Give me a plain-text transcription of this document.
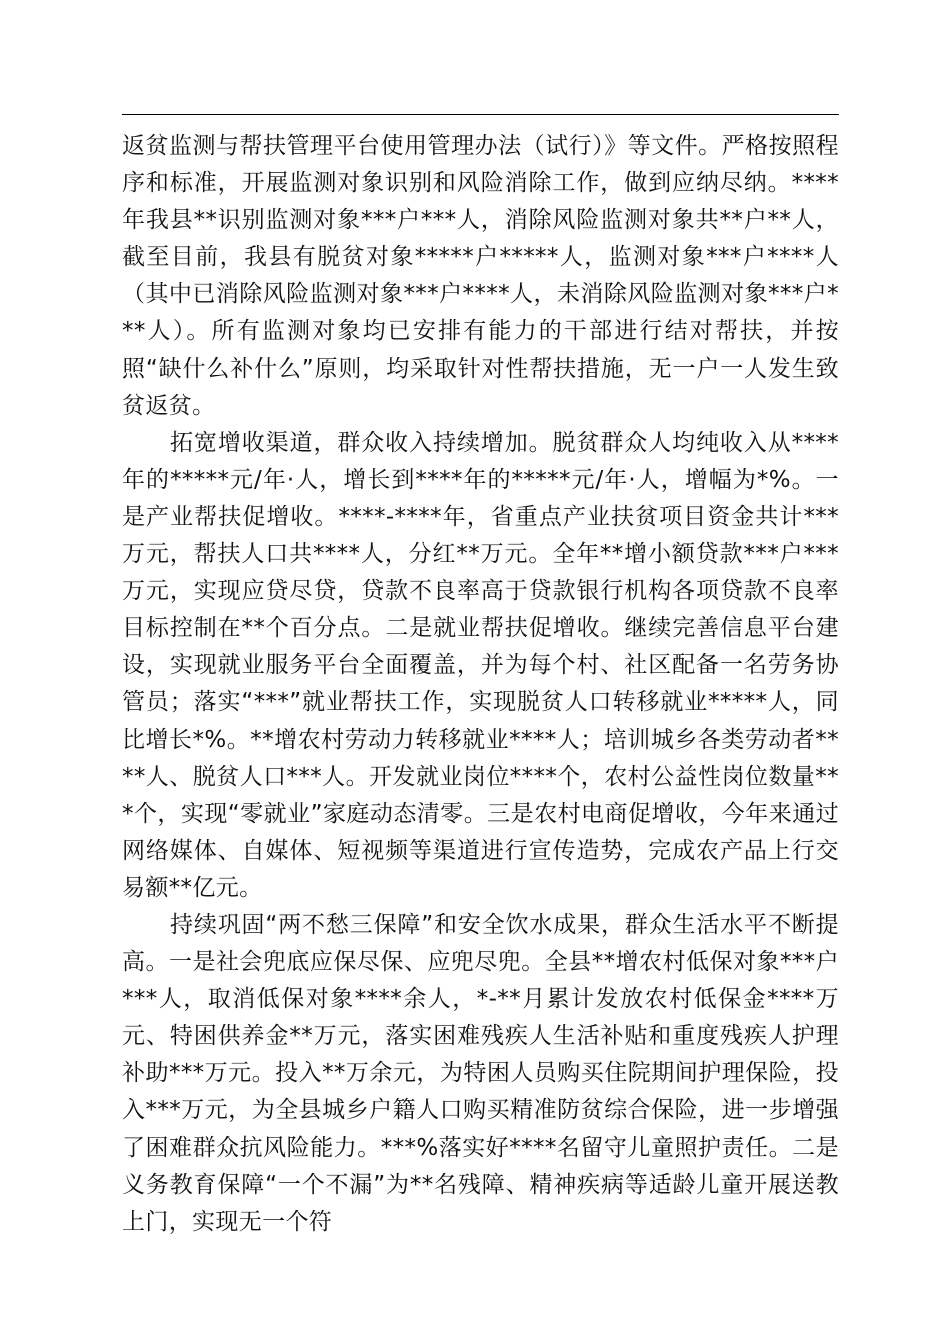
返贫监测与帮扶管理平台使用管理办法（试行）》等文件。严格按照程序和标准，开展监测对象识别和风险消除工作，做到应纳尽纳。****年我县**识别监测对象***户***人，消除风险监测对象共**户**人，截至目前，我县有脱贫对象*****户*****人，监测对象***户****人（其中已消除风险监测对象***户****人，未消除风险监测对象***户***人）。所有监测对象均已安排有能力的干部进行结对帮扶，并按照“缺什么补什么”原则，均采取针对性帮扶措施，无一户一人发生致贫返贫。

拓宽增收渠道，群众收入持续增加。脱贫群众人均纯收入从****年的*****元/年·人，增长到****年的*****元/年·人，增幅为*%。一是产业帮扶促增收。****-****年，省重点产业扶贫项目资金共计***万元，帮扶人口共****人，分红**万元。全年**增小额贷款***户***万元，实现应贷尽贷，贷款不良率高于贷款银行机构各项贷款不良率目标控制在**个百分点。二是就业帮扶促增收。继续完善信息平台建设，实现就业服务平台全面覆盖，并为每个村、社区配备一名劳务协管员；落实“***”就业帮扶工作，实现脱贫人口转移就业*****人，同比增长*%。**增农村劳动力转移就业****人；培训城乡各类劳动者****人、脱贫人口***人。开发就业岗位****个，农村公益性岗位数量***个，实现“零就业”家庭动态清零。三是农村电商促增收，今年来通过网络媒体、自媒体、短视频等渠道进行宣传造势，完成农产品上行交易额**亿元。

持续巩固“两不愁三保障”和安全饮水成果，群众生活水平不断提高。一是社会兜底应保尽保、应兜尽兜。全县**增农村低保对象***户***人，取消低保对象****余人，*-**月累计发放农村低保金****万元、特困供养金**万元，落实困难残疾人生活补贴和重度残疾人护理补助***万元。投入**万余元，为特困人员购买住院期间护理保险，投入***万元，为全县城乡户籍人口购买精准防贫综合保险，进一步增强了困难群众抗风险能力。***%落实好****名留守儿童照护责任。二是义务教育保障“一个不漏”为**名残障、精神疾病等适龄儿童开展送教上门，实现无一个符
